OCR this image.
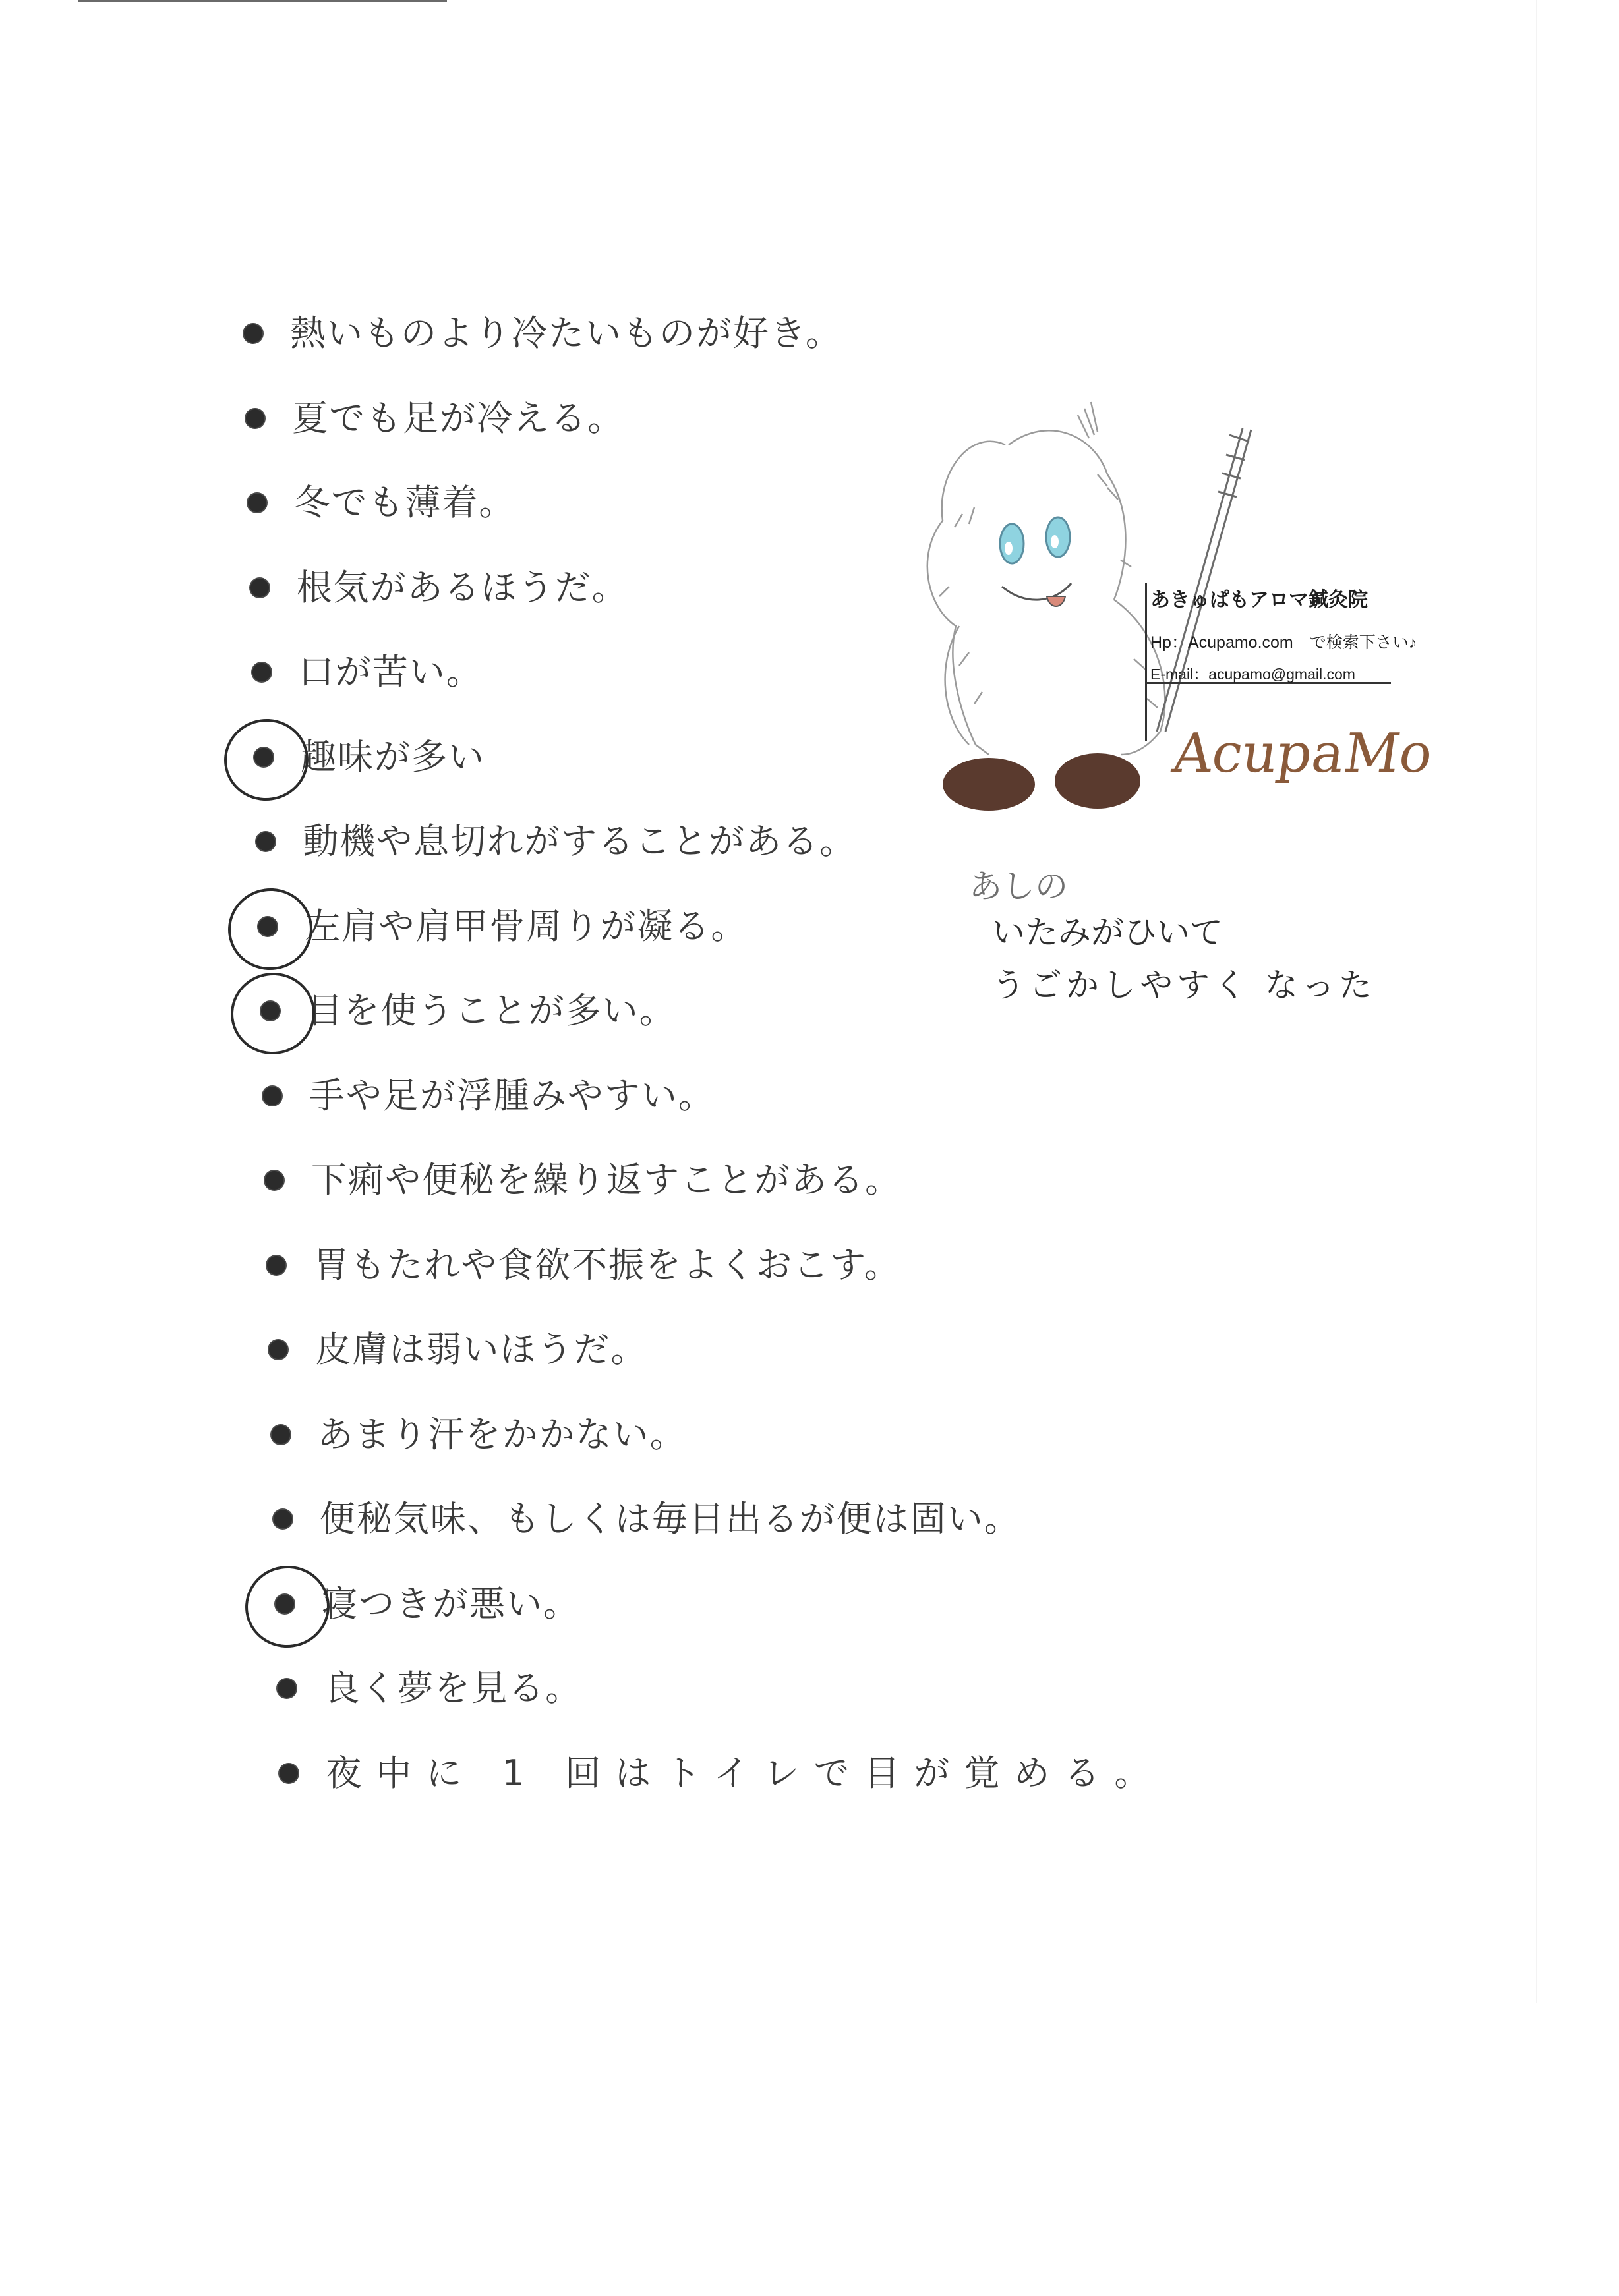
熱いものより冷たいものが好き。
夏でも足が冷える。
冬でも薄着。
根気があるほうだ。
口が苦い。
趣味が多い
動機や息切れがすることがある。
左肩や肩甲骨周りが凝る。
目を使うことが多い。
手や足が浮腫みやすい。
下痢や便秘を繰り返すことがある。
胃もたれや食欲不振をよくおこす。
皮膚は弱いほうだ。
あまり汗をかかない。
便秘気味、もしくは毎日出るが便は固い。
寝つきが悪い。
良く夢を見る。
夜中に 1 回はトイレで目が覚める。
あきゅぱもアロマ鍼灸院
Hp：Acupamo.com　で検索下さい♪
E-mail：acupamo@gmail.com
AcupaMo
あしの
いたみがひいて
うごかしやすく なった
